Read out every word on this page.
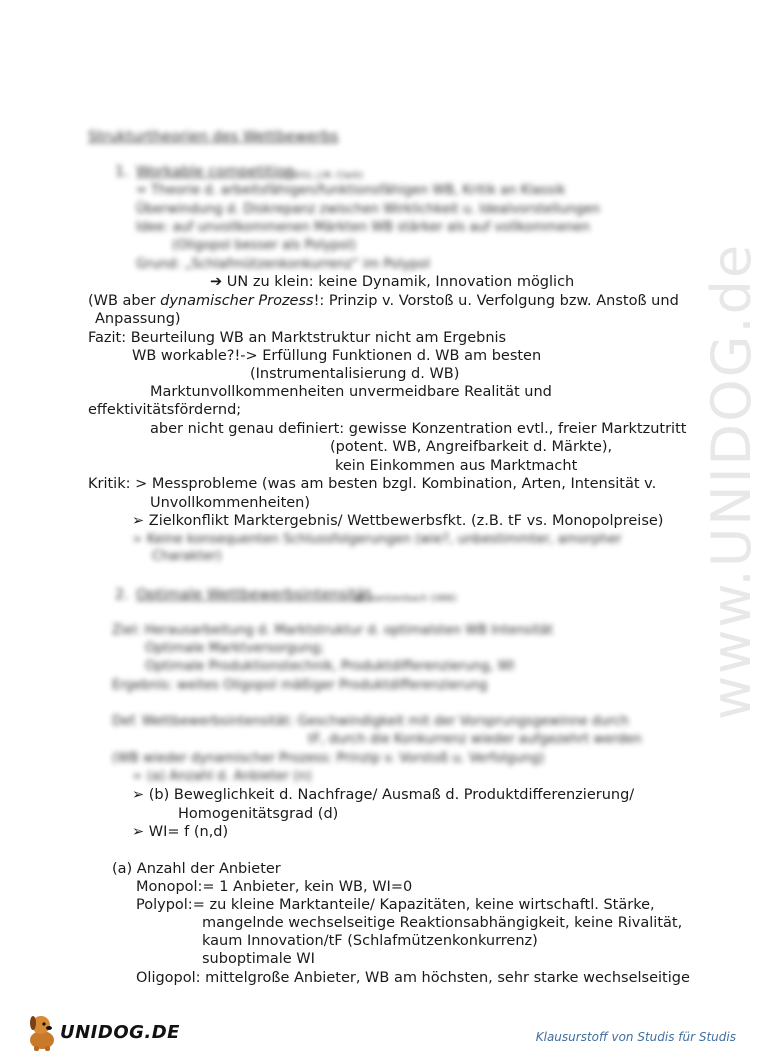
www.UNIDOG.de
Strukturtheorien des Wettbewerbs
1. Workable competition
(1931; J.M. Clark)
= Theorie d. arbeitsfähigen/funktionsfähigen WB, Kritik an Klassik
Überwindung d. Diskrepanz zwischen Wirklichkeit u. Idealvorstellungen
Idee: auf unvollkommenen Märkten WB stärker als auf vollkommenen
(Oligopol besser als Polypol)
Grund: „Schlafmützenkonkurrenz“ im Polypol
➔ UN zu klein: keine Dynamik, Innovation möglich
(WB aber dynamischer Prozess!: Prinzip v. Vorstoß u. Verfolgung bzw. Anstoß und
Anpassung)
Fazit: Beurteilung WB an Marktstruktur nicht am Ergebnis
WB workable?!-> Erfüllung Funktionen d. WB am besten
(Instrumentalisierung d. WB)
Marktunvollkommenheiten unvermeidbare Realität und
effektivitätsfördernd;
aber nicht genau definiert: gewisse Konzentration evtl., freier Marktzutritt
(potent. WB, Angreifbarkeit d. Märkte),
kein Einkommen aus Marktmacht
Kritik: > Messprobleme (was am besten bzgl. Kombination, Arten, Intensität v.
Unvollkommenheiten)
➢ Zielkonflikt Marktergebnis/ Wettbewerbsfkt. (z.B. tF vs. Monopolpreise)
➢ Keine konsequenten Schlussfolgerungen (wie?, unbestimmter, amorpher
Charakter)
2. Optimale Wettbewerbsintensität
(E. Kantzenbach 1966)
Ziel: Herausarbeitung d. Marktstruktur d. optimalsten WB Intensität
Optimale Marktversorgung;
Optimale Produktionstechnik, Produktdifferenzierung, WI
Ergebnis: weites Oligopol mäßiger Produktdifferenzierung
Def. Wettbewerbsintensität: Geschwindigkeit mit der Vorsprungsgewinne durch
tF, durch die Konkurrenz wieder aufgezehrt werden
(WB wieder dynamischer Prozess: Prinzip v. Vorstoß u. Verfolgung)
➢ (a) Anzahl d. Anbieter (n)
➢ (b) Beweglichkeit d. Nachfrage/ Ausmaß d. Produktdifferenzierung/
Homogenitätsgrad (d)
➢ WI= f (n,d)
(a) Anzahl der Anbieter
Monopol:= 1 Anbieter, kein WB, WI=0
Polypol:= zu kleine Marktanteile/ Kapazitäten, keine wirtschaftl. Stärke,
mangelnde wechselseitige Reaktionsabhängigkeit, keine Rivalität,
kaum Innovation/tF (Schlafmützenkonkurrenz)
suboptimale WI
Oligopol: mittelgroße Anbieter, WB am höchsten, sehr starke wechselseitige
UNIDOG.DE	Klausurstoff von Studis für Studis
